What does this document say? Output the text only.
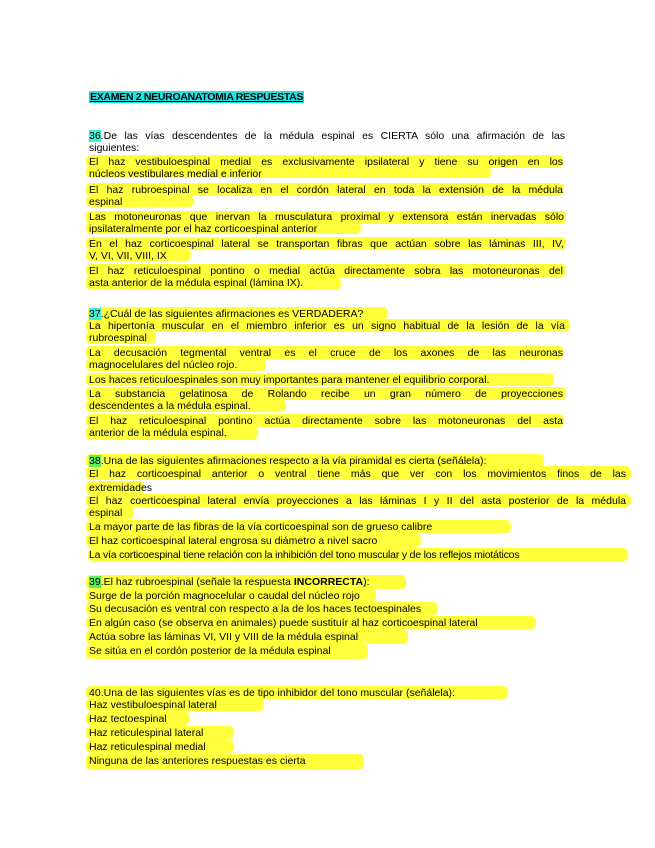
EXAMEN 2 NEUROANATOMIA RESPUESTAS
36.De las vías descendentes de la médula espinal es CIERTA sólo una afirmación de las
siguientes:
El haz vestibuloespinal medial es exclusivamente ipsilateral y tiene su origen en los
núcleos vestibulares medial e inferior
El haz rubroespinal se localiza en el cordón lateral en toda la extensión de la médula
espinal
Las motoneuronas que inervan la musculatura proximal y extensora están inervadas sólo
ipsilateralmente por el haz corticoespinal anterior
En el haz corticoespinal lateral se transportan fibras que actúan sobre las láminas III, IV,
V, VI, VII, VIII, IX
El haz reticuloespinal pontino o medial actúa directamente sobra las motoneuronas del
asta anterior de la médula espinal (lámina IX).
37.¿Cuál de las siguientes afirmaciones es VERDADERA?
La hipertonía muscular en el miembro inferior es un signo habitual de la lesión de la vía
rubroespinal
La decusación tegmental ventral es el cruce de los axones de las neuronas
magnocelulares del núcleo rojo.
Los haces reticuloespinales son muy importantes para mantener el equilibrio corporal.
La substancia gelatinosa de Rolando recibe un gran número de proyecciones
descendentes a la médula espinal.
El haz reticuloespinal pontino actúa directamente sobre las motoneuronas del asta
anterior de la médula espinal.
38.Una de las siguientes afirmaciones respecto a la vía piramidal es cierta (señálela):
El haz corticoespinal anterior o ventral tiene más que ver con los movimientos finos de las
extremidades
El haz coerticoespinal lateral envía proyecciones a las láminas I y II del asta posterior de la médula
espinal
La mayor parte de las fibras de la vía corticoespinal son de grueso calibre
El haz corticoespinal lateral engrosa su diámetro a nivel sacro
La vía corticoespinal tiene relación con la inhibición del tono muscular y de los reflejos miotáticos
39.El haz rubroespinal (señale la respuesta INCORRECTA):
Surge de la porción magnocelular o caudal del núcleo rojo
Su decusación es ventral con respecto a la de los haces tectoespinales
En algún caso (se observa en animales) puede sustituír al haz corticoespinal lateral
Actúa sobre las láminas VI, VII y VIII de la médula espinal
Se sitúa en el cordón posterior de la médula espinal
40.Una de las siguientes vías es de tipo inhibidor del tono muscular (señálela):
Haz vestibuloespinal lateral
Haz tectoespinal
Haz reticulespinal lateral
Haz reticulespinal medial
Ninguna de las anteriores respuestas es cierta
